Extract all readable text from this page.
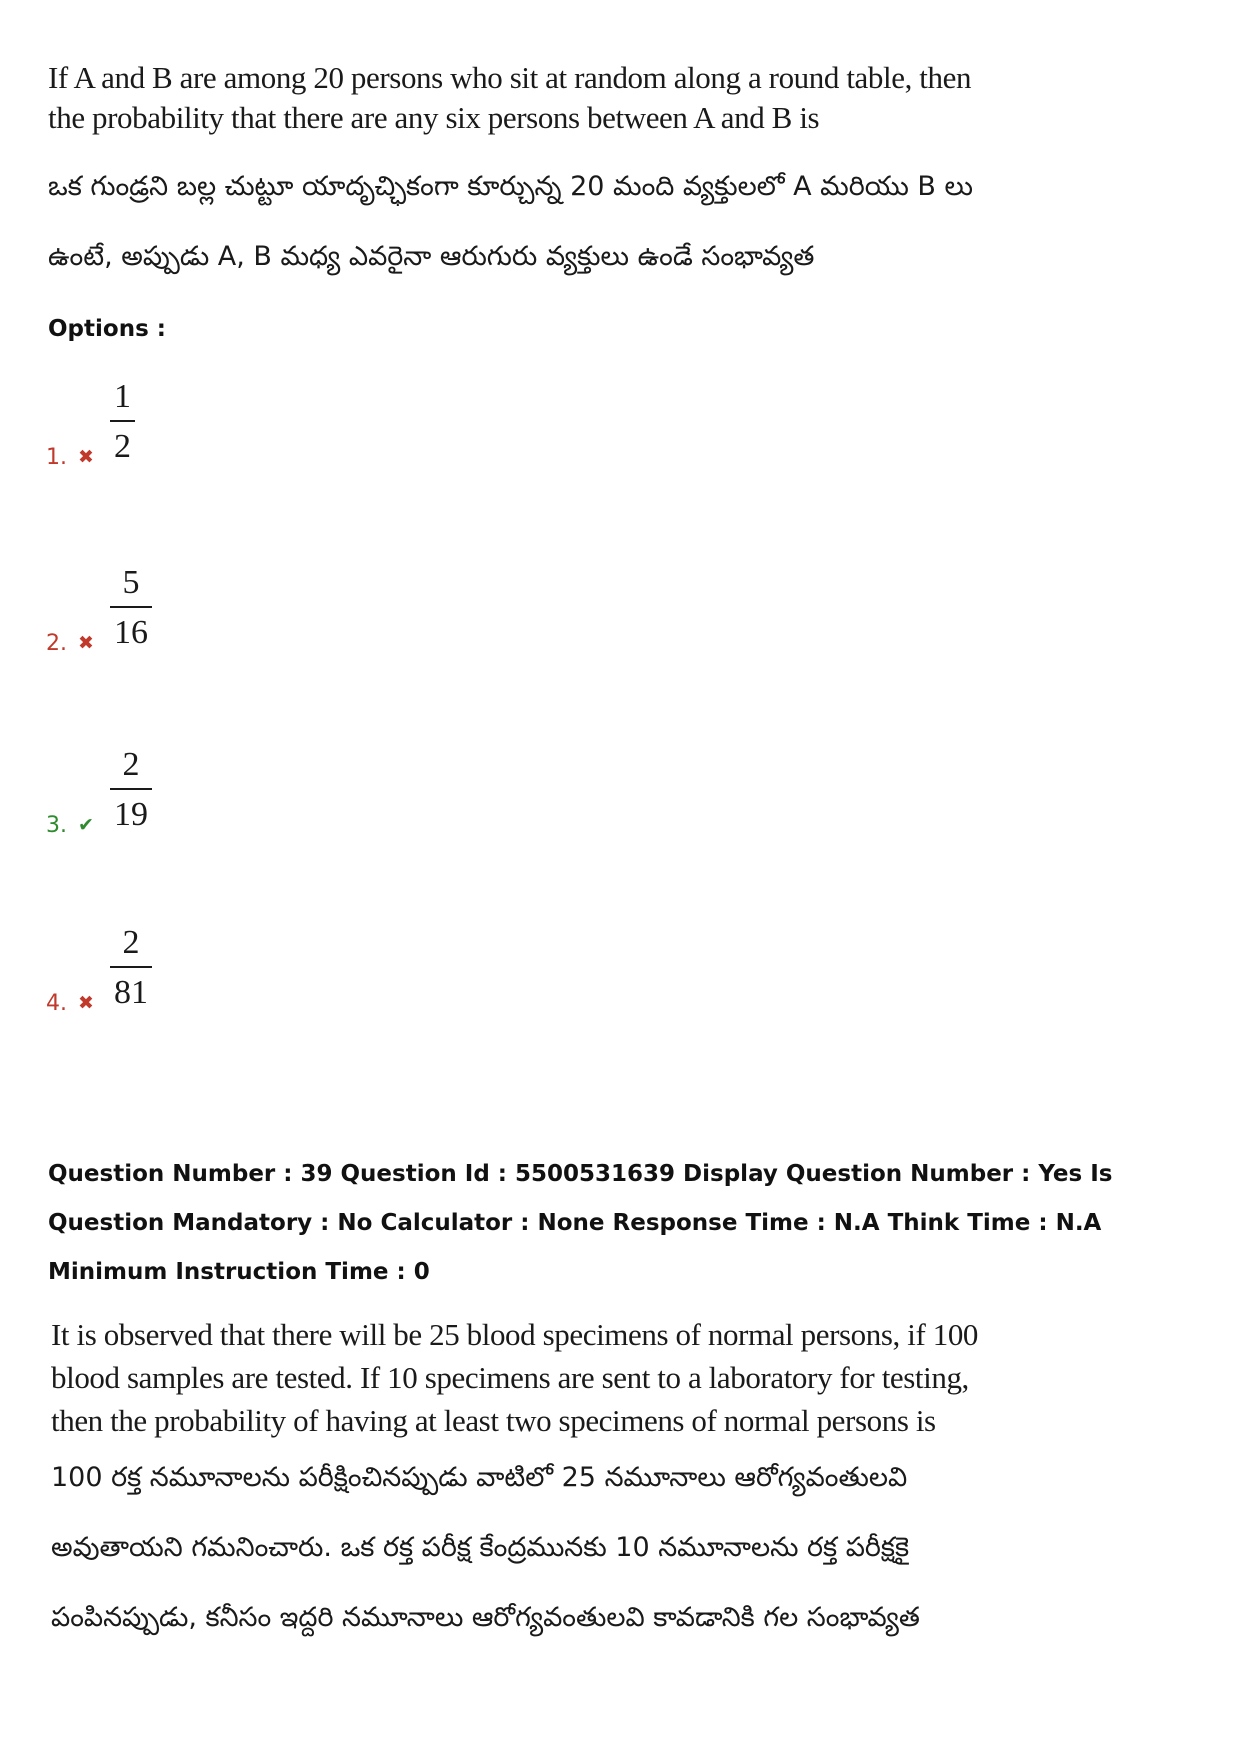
If A and B are among 20 persons who sit at random along a round table, then the probability that there are any six persons between A and B is
ఒక గుండ్రని బల్ల చుట్టూ యాదృచ్ఛికంగా కూర్చున్న 20 మంది వ్యక్తులలో A మరియు B లు
ఉంటే, అప్పుడు A, B మధ్య ఎవరైనా ఆరుగురు వ్యక్తులు ఉండే సంభావ్యత
Options :
1. ✖
1
2
2. ✖
5
16
3. ✔
2
19
4. ✖
2
81
Question Number : 39 Question Id : 5500531639 Display Question Number : Yes Is Question Mandatory : No Calculator : None Response Time : N.A Think Time : N.A Minimum Instruction Time : 0
It is observed that there will be 25 blood specimens of normal persons, if 100 blood samples are tested. If 10 specimens are sent to a laboratory for testing, then the probability of having at least two specimens of normal persons is
100 రక్త నమూనాలను పరీక్షించినప్పుడు వాటిలో 25 నమూనాలు ఆరోగ్యవంతులవి
అవుతాయని గమనించారు. ఒక రక్త పరీక్ష కేంద్రమునకు 10 నమూనాలను రక్త పరీక్షకై
పంపినప్పుడు, కనీసం ఇద్దరి నమూనాలు ఆరోగ్యవంతులవి కావడానికి గల సంభావ్యత
